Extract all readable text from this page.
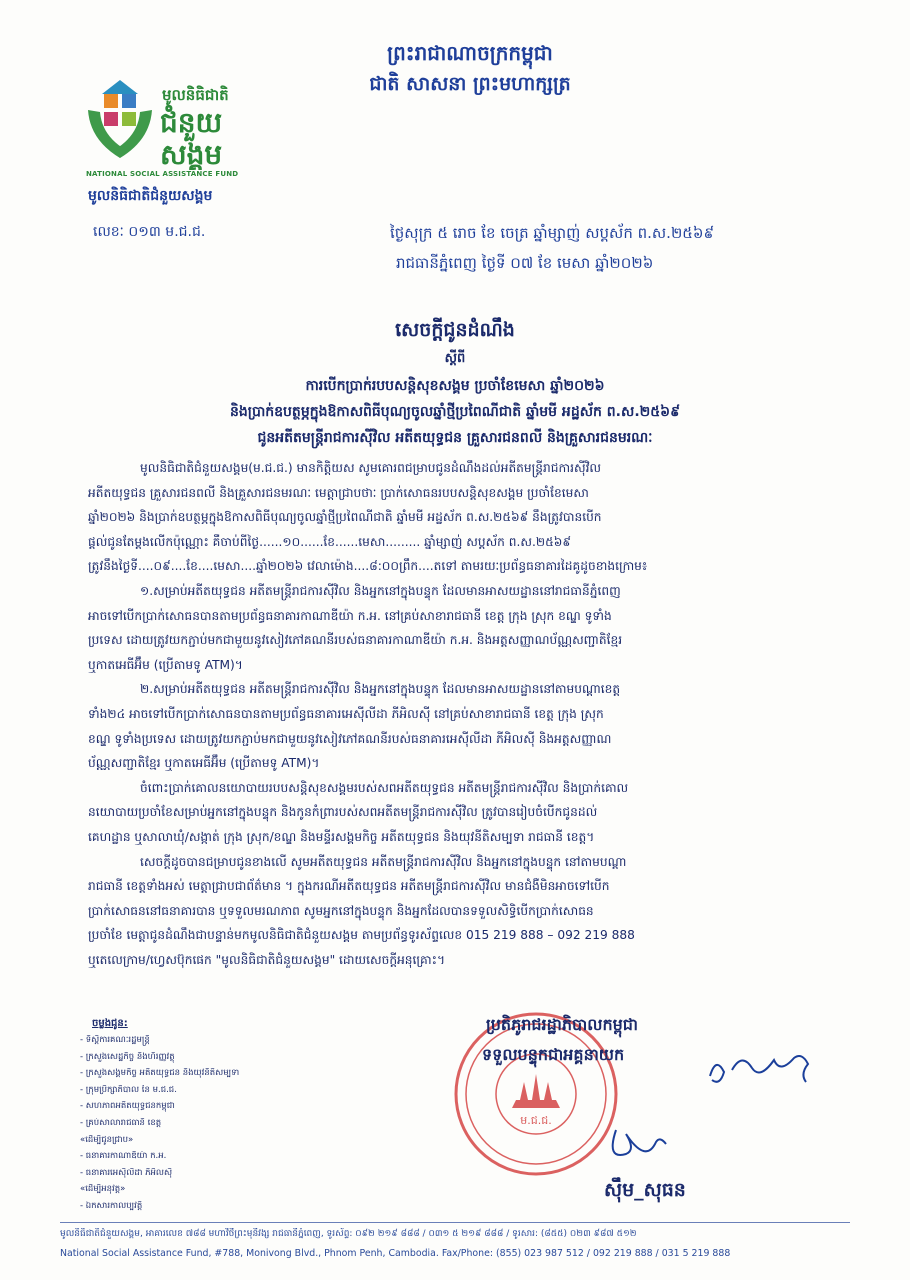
មូលនិធិជាតិ
ជំនួយ
សង្គម
NATIONAL SOCIAL ASSISTANCE FUND
មូលនិធិជាតិជំនួយសង្គម
លេខៈ ០១៣ ម.ជ.ជ.
ព្រះរាជាណាចក្រកម្ពុជា
ជាតិ សាសនា ព្រះមហាក្សត្រ
ថ្ងៃសុក្រ ៥ រោច ខែ ចេត្រ ឆ្នាំម្សាញ់ សប្តស័ក ព.ស.២៥៦៩
រាជធានីភ្នំពេញ ថ្ងៃទី ០៧ ខែ មេសា ឆ្នាំ២០២៦
សេចក្តីជូនដំណឹង
ស្តីពី
ការបើកប្រាក់របបសន្តិសុខសង្គម ប្រចាំខែមេសា ឆ្នាំ២០២៦
និងប្រាក់ឧបត្ថម្ភក្នុងឱកាសពិធីបុណ្យចូលឆ្នាំថ្មីប្រពៃណីជាតិ ឆ្នាំមមី អដ្ឋស័ក ព.ស.២៥៦៩
ជូនអតីតមន្ត្រីរាជការស៊ីវិល អតីតយុទ្ធជន គ្រួសារជនពលី និងគ្រួសារជនមរណៈ
មូលនិធិជាតិជំនួយសង្គម(ម.ជ.ជ.) មានកិត្តិយស សូមគោរពជម្រាបជូនដំណឹងដល់អតីតមន្ត្រីរាជការស៊ីវិល
អតីតយុទ្ធជន គ្រួសារជនពលី និងគ្រួសារជនមរណៈ មេត្តាជ្រាបថាៈ ប្រាក់សោធនរបបសន្តិសុខសង្គម ប្រចាំខែមេសា
ឆ្នាំ២០២៦ និងប្រាក់ឧបត្ថម្ភក្នុងឱកាសពិធីបុណ្យចូលឆ្នាំថ្មីប្រពៃណីជាតិ ឆ្នាំមមី អដ្ឋស័ក ព.ស.២៥៦៩ នឹងត្រូវបានបើក
ផ្តល់ជូនតែម្តងលើកប៉ុណ្ណោះ គឺចាប់ពីថ្ងៃ......១០......ខែ......មេសា......... ឆ្នាំម្សាញ់ សប្តស័ក ព.ស.២៥៦៩
ត្រូវនឹងថ្ងៃទី....០៩....ខែ....មេសា....ឆ្នាំ២០២៦ វេលាម៉ោង....៨:០០ព្រឹក....តទៅ តាមរយៈប្រព័ន្ធធនាគារដៃគូដូចខាងក្រោម៖
១.សម្រាប់អតីតយុទ្ធជន អតីតមន្ត្រីរាជការស៊ីវិល និងអ្នកនៅក្នុងបន្ទុក ដែលមានអាសយដ្ឋាននៅរាជធានីភ្នំពេញ
អាចទៅបើកប្រាក់សោធនបានតាមប្រព័ន្ធធនាគារកាណាឌីយ៉ា ក.អ. នៅគ្រប់សាខារាជធានី ខេត្ត ក្រុង ស្រុក ខណ្ឌ ទូទាំង
ប្រទេស ដោយត្រូវយកភ្ជាប់មកជាមួយនូវសៀវភៅគណនីរបស់ធនាគារកាណាឌីយ៉ា ក.អ. និងអត្តសញ្ញាណប័ណ្ណសញ្ជាតិខ្មែរ
ឬកាតអេធីអ៊ឹម (ប្រើតាមទូ ATM)។
២.សម្រាប់អតីតយុទ្ធជន អតីតមន្ត្រីរាជការស៊ីវិល និងអ្នកនៅក្នុងបន្ទុក ដែលមានអាសយដ្ឋាននៅតាមបណ្តាខេត្ត
ទាំង២៤ អាចទៅបើកប្រាក់សោធនបានតាមប្រព័ន្ធធនាគារអេស៊ីលីដា ភីអិលស៊ី នៅគ្រប់សាខារាជធានី ខេត្ត ក្រុង ស្រុក
ខណ្ឌ ទូទាំងប្រទេស ដោយត្រូវយកភ្ជាប់មកជាមួយនូវសៀវភៅគណនីរបស់ធនាគារអេស៊ីលីដា ភីអិលស៊ី និងអត្តសញ្ញាណ
ប័ណ្ណសញ្ជាតិខ្មែរ ឬកាតអេធីអ៊ឹម (ប្រើតាមទូ ATM)។
ចំពោះប្រាក់គោលនយោបាយរបបសន្តិសុខសង្គមរបស់សពអតីតយុទ្ធជន អតីតមន្ត្រីរាជការស៊ីវិល និងប្រាក់គោល
នយោបាយប្រចាំខែសម្រាប់អ្នកនៅក្នុងបន្ទុក និងកូនកំព្រារបស់សពអតីតមន្ត្រីរាជការស៊ីវិល ត្រូវបានរៀបចំបើកជូនដល់
គេហដ្ឋាន ឬសាលាឃុំ/សង្កាត់ ក្រុង ស្រុក/ខណ្ឌ និងមន្ទីរសង្គមកិច្ច អតីតយុទ្ធជន និងយុវនីតិសម្បទា រាជធានី ខេត្ត។
សេចក្តីដូចបានជម្រាបជូនខាងលើ សូមអតីតយុទ្ធជន អតីតមន្ត្រីរាជការស៊ីវិល និងអ្នកនៅក្នុងបន្ទុក នៅតាមបណ្តា
រាជធានី ខេត្តទាំងអស់ មេត្តាជ្រាបជាព័ត៌មាន ។ ក្នុងករណីអតីតយុទ្ធជន អតីតមន្ត្រីរាជការស៊ីវិល មានជំងឺមិនអាចទៅបើក
ប្រាក់សោធននៅធនាគារបាន ឬទទួលមរណភាព សូមអ្នកនៅក្នុងបន្ទុក និងអ្នកដែលបានទទួលសិទ្ធិបើកប្រាក់សោធន
ប្រចាំខែ មេត្តាជូនដំណឹងជាបន្ទាន់មកមូលនិធិជាតិជំនួយសង្គម តាមប្រព័ន្ធទូរស័ព្ទលេខ 015 219 888 – 092 219 888
ឬតេលេក្រាម/ហ្វេសប៊ុកផេក "មូលនិធិជាតិជំនួយសង្គម" ដោយសេចក្តីអនុគ្រោះ។
ចម្លងជូន:
- ទីស្តីការគណៈរដ្ឋមន្ត្រី
- ក្រសួងសេដ្ឋកិច្ច និងហិរញ្ញវត្ថុ
- ក្រសួងសង្គមកិច្ច អតីតយុទ្ធជន និងយុវនីតិសម្បទា
- ក្រុមប្រឹក្សាភិបាល នៃ ម.ជ.ជ.
- សហភាពអតីតយុទ្ធជនកម្ពុជា
- គ្រប់សាលារាជធានី ខេត្ត
«ដើម្បីជូនជ្រាប»
- ធនាគារកាណាឌីយ៉ា ក.អ.
- ធនាគារអេស៊ីលីដា ភីអិលស៊ី
«ដើម្បីអនុវត្ត»
- ឯកសារកាលប្បវត្តិ
ម.ជ.ជ.
ប្រតិភូរាជរដ្ឋាភិបាលកម្ពុជា
ទទួលបន្ទុកជាអគ្គនាយក
ស៊ឹម_សុធន
មូលនិធិជាតិជំនួយសង្គម, អាគារលេខ ៧៨៨ មហាវិថីព្រះមុនីវង្ស រាជធានីភ្នំពេញ, ទូរស័ព្ទ: ០៩២ ២១៩ ៨៨៨ / ០៣១ ៥ ២១៩ ៨៨៨ / ទូរសារ: (៨៥៥) ០២៣ ៩៨៧ ៥១២
National Social Assistance Fund, #788, Monivong Blvd., Phnom Penh, Cambodia. Fax/Phone: (855) 023 987 512 / 092 219 888 / 031 5 219 888
